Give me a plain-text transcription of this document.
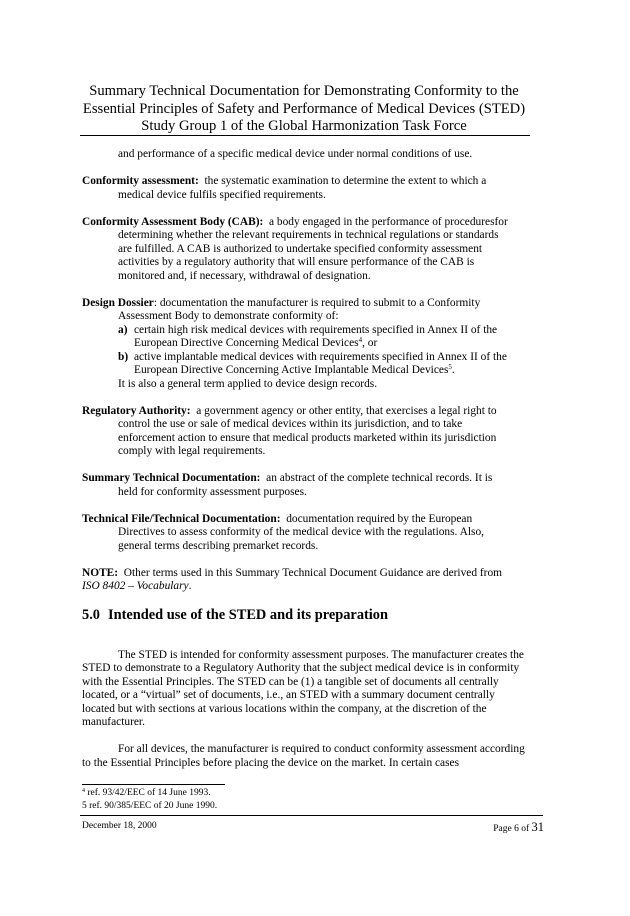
Summary Technical Documentation for Demonstrating Conformity to the
Essential Principles of Safety and Performance of Medical Devices (STED)
Study Group 1 of the Global Harmonization Task Force
and performance of a specific medical device under normal conditions of use.
Conformity assessment: the systematic examination to determine the extent to which a
medical device fulfils specified requirements.
Conformity Assessment Body (CAB): a body engaged in the performance of proceduresfor
determining whether the relevant requirements in technical regulations or standards
are fulfilled. A CAB is authorized to undertake specified conformity assessment
activities by a regulatory authority that will ensure performance of the CAB is
monitored and, if necessary, withdrawal of designation.
Design Dossier: documentation the manufacturer is required to submit to a Conformity
Assessment Body to demonstrate conformity of:
a) certain high risk medical devices with requirements specified in Annex II of the
European Directive Concerning Medical Devices$^4$, or
b) active implantable medical devices with requirements specified in Annex II of the
European Directive Concerning Active Implantable Medical Devices$^5$.
It is also a general term applied to device design records.
Regulatory Authority: a government agency or other entity, that exercises a legal right to
control the use or sale of medical devices within its jurisdiction, and to take
enforcement action to ensure that medical products marketed within its jurisdiction
comply with legal requirements.
Summary Technical Documentation: an abstract of the complete technical records. It is
held for conformity assessment purposes.
Technical File/Technical Documentation: documentation required by the European
Directives to assess conformity of the medical device with the regulations. Also,
general terms describing premarket records.
NOTE: Other terms used in this Summary Technical Document Guidance are derived from
ISO 8402 – Vocabulary.
5.0 Intended use of the STED and its preparation
The STED is intended for conformity assessment purposes. The manufacturer creates the STED to demonstrate to a Regulatory Authority that the subject medical device is in conformity with the Essential Principles. The STED can be (1) a tangible set of documents all centrally located, or a “virtual” set of documents, i.e., an STED with a summary document centrally located but with sections at various locations within the company, at the discretion of the manufacturer.
For all devices, the manufacturer is required to conduct conformity assessment according to the Essential Principles before placing the device on the market. In certain cases
$^4$ ref. 93/42/EEC of 14 June 1993.
5 ref. 90/385/EEC of 20 June 1990.
December 18, 2000	Page 6 of 31
